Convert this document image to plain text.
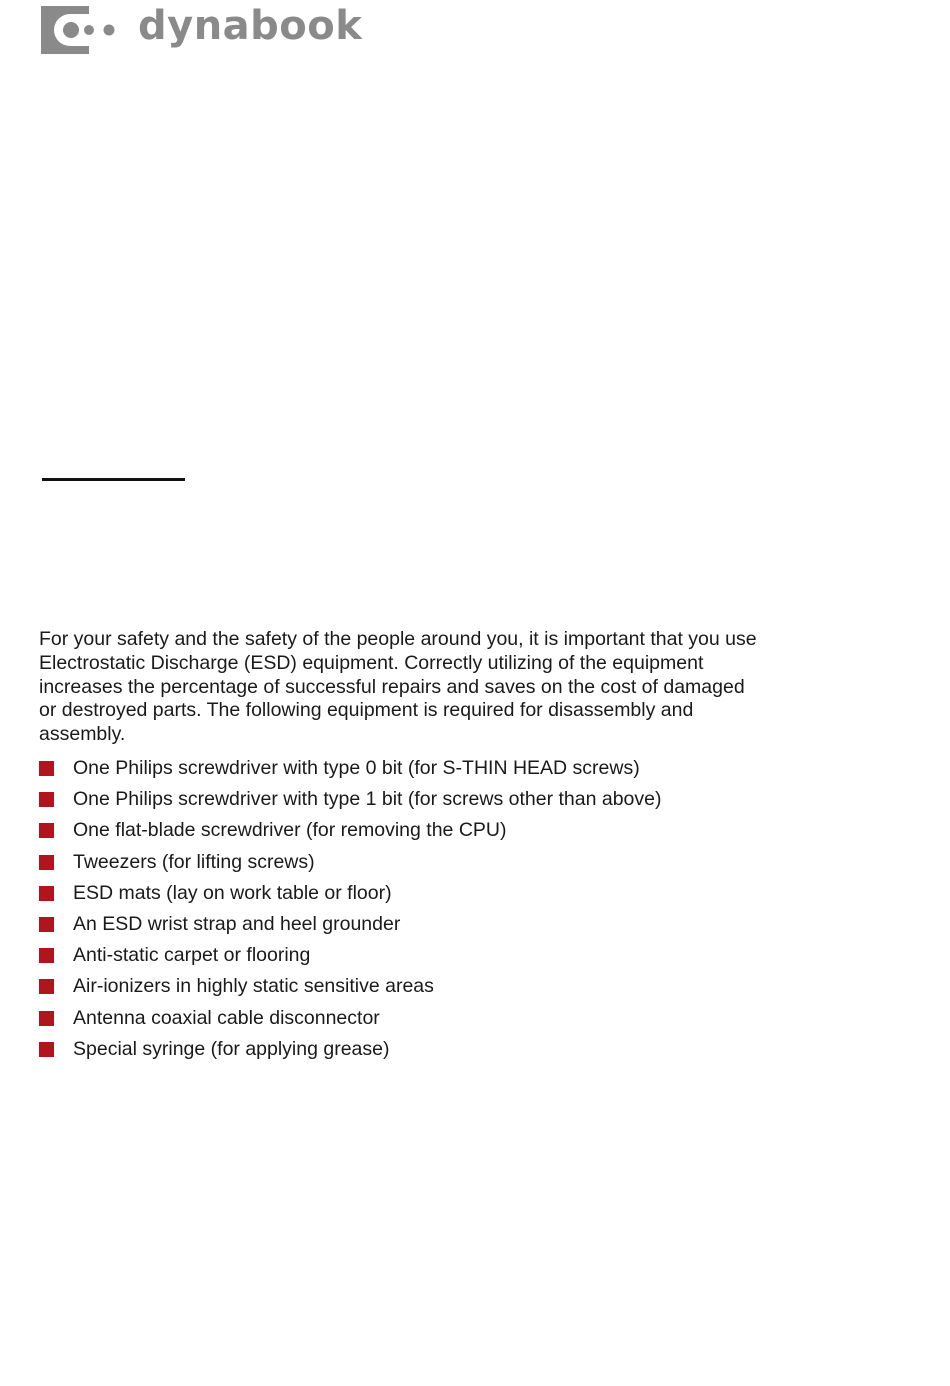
dynabook

For your safety and the safety of the people around you, it is important that you use Electrostatic Discharge (ESD) equipment. Correctly utilizing of the equipment increases the percentage of successful repairs and saves on the cost of damaged or destroyed parts. The following equipment is required for disassembly and assembly.

One Philips screwdriver with type 0 bit (for S-THIN HEAD screws)
One Philips screwdriver with type 1 bit (for screws other than above)
One flat-blade screwdriver (for removing the CPU)
Tweezers (for lifting screws)
ESD mats (lay on work table or floor)
An ESD wrist strap and heel grounder
Anti-static carpet or flooring
Air-ionizers in highly static sensitive areas
Antenna coaxial cable disconnector
Special syringe (for applying grease)
